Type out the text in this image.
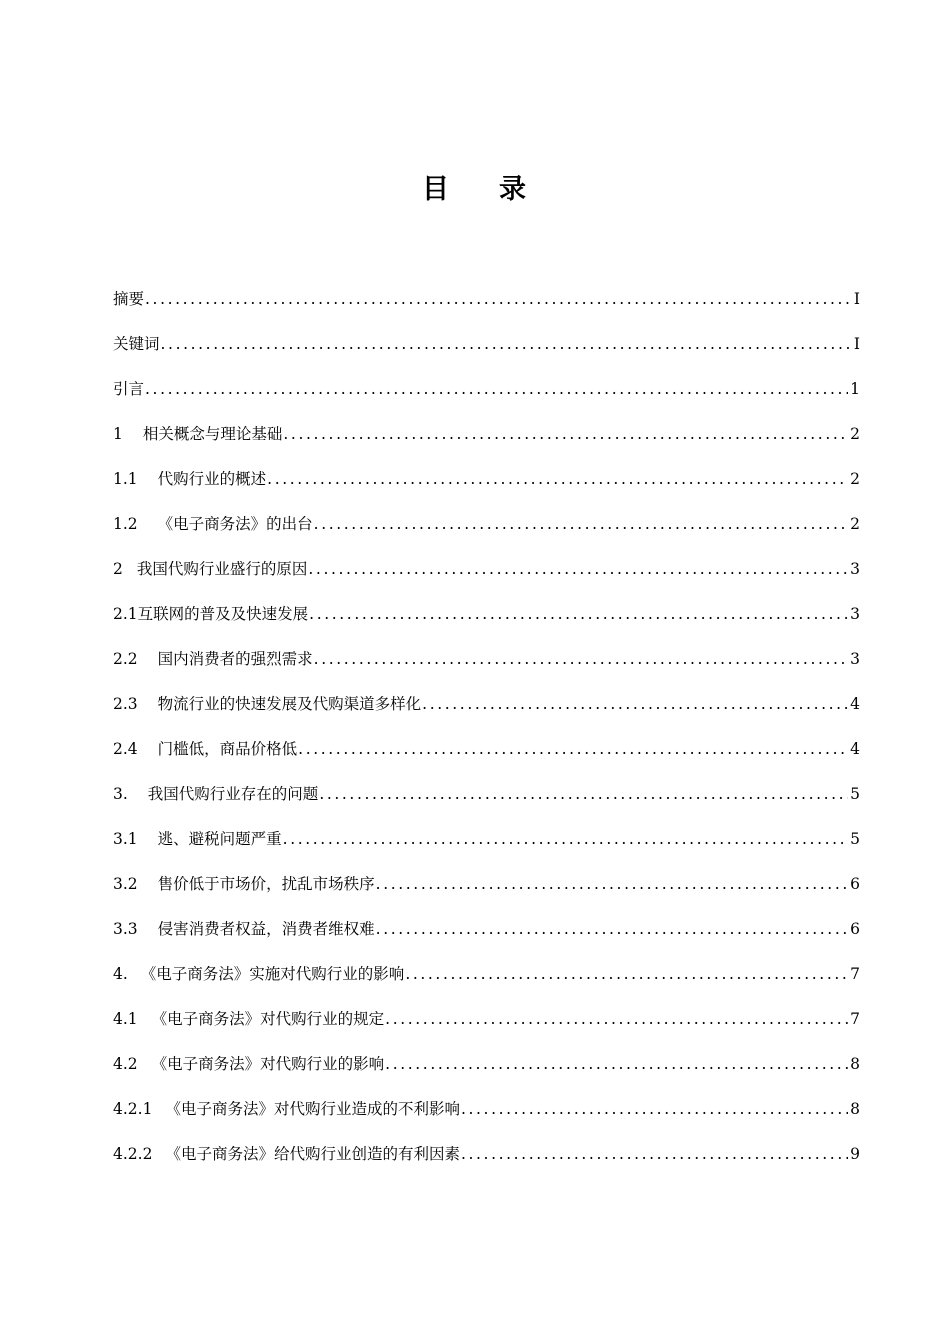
目 录
摘要 .....	I
关键词 .....	I
引言 .....	1
1 相关概念与理论基础 .....	2
1.1 代购行业的概述 .....	2
1.2 《电子商务法》的出台 .....	2
2 我国代购行业盛行的原因 .....	3
2.1互联网的普及及快速发展 .....	3
2.2 国内消费者的强烈需求 .....	3
2.3 物流行业的快速发展及代购渠道多样化 .....	4
2.4 门槛低，商品价格低 .....	4
3. 我国代购行业存在的问题 .....	5
3.1 逃、避税问题严重 .....	5
3.2 售价低于市场价，扰乱市场秩序 .....	6
3.3 侵害消费者权益，消费者维权难 .....	6
4. 《电子商务法》实施对代购行业的影响 .....	7
4.1 《电子商务法》对代购行业的规定 .....	7
4.2 《电子商务法》对代购行业的影响 .....	8
4.2.1 《电子商务法》对代购行业造成的不利影响 .....	8
4.2.2 《电子商务法》给代购行业创造的有利因素 .....	9
